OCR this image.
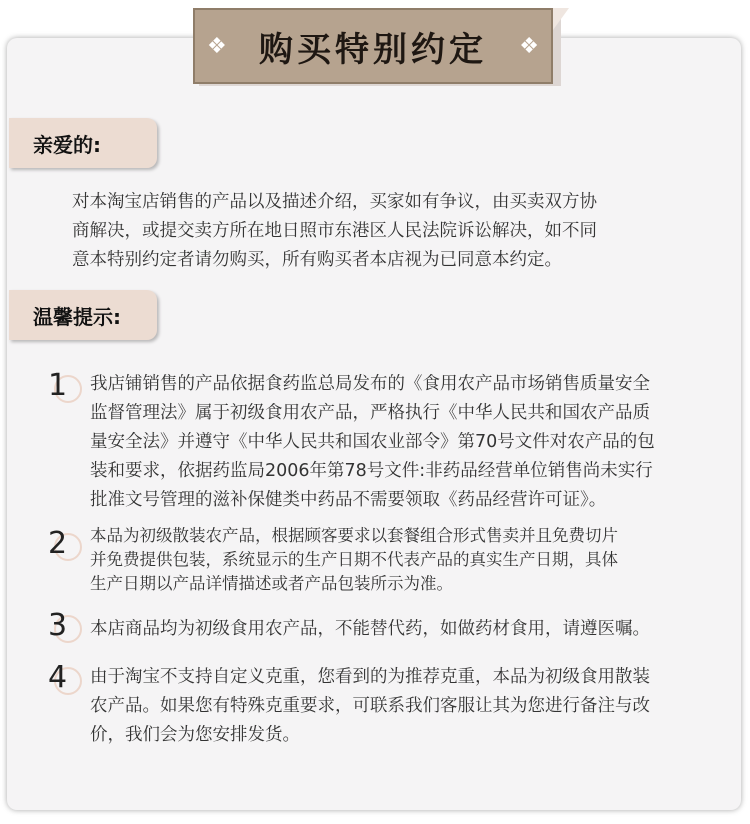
❖ 购买特别约定 ❖
亲爱的:
对本淘宝店销售的产品以及描述介绍，买家如有争议，由买卖双方协
商解决，或提交卖方所在地日照市东港区人民法院诉讼解决，如不同
意本特别约定者请勿购买，所有购买者本店视为已同意本约定。
温馨提示:
1 我店铺销售的产品依据食药监总局发布的《食用农产品市场销售质量安全
监督管理法》属于初级食用农产品，严格执行《中华人民共和国农产品质
量安全法》并遵守《中华人民共和国农业部令》第70号文件对农产品的包
装和要求，依据药监局2006年第78号文件:非药品经营单位销售尚未实行
批准文号管理的滋补保健类中药品不需要领取《药品经营许可证》。
2 本品为初级散装农产品，根据顾客要求以套餐组合形式售卖并且免费切片
并免费提供包装，系统显示的生产日期不代表产品的真实生产日期，具体
生产日期以产品详情描述或者产品包装所示为准。
3 本店商品均为初级食用农产品，不能替代药，如做药材食用，请遵医嘱。
4 由于淘宝不支持自定义克重，您看到的为推荐克重，本品为初级食用散装
农产品。如果您有特殊克重要求，可联系我们客服让其为您进行备注与改
价，我们会为您安排发货。
